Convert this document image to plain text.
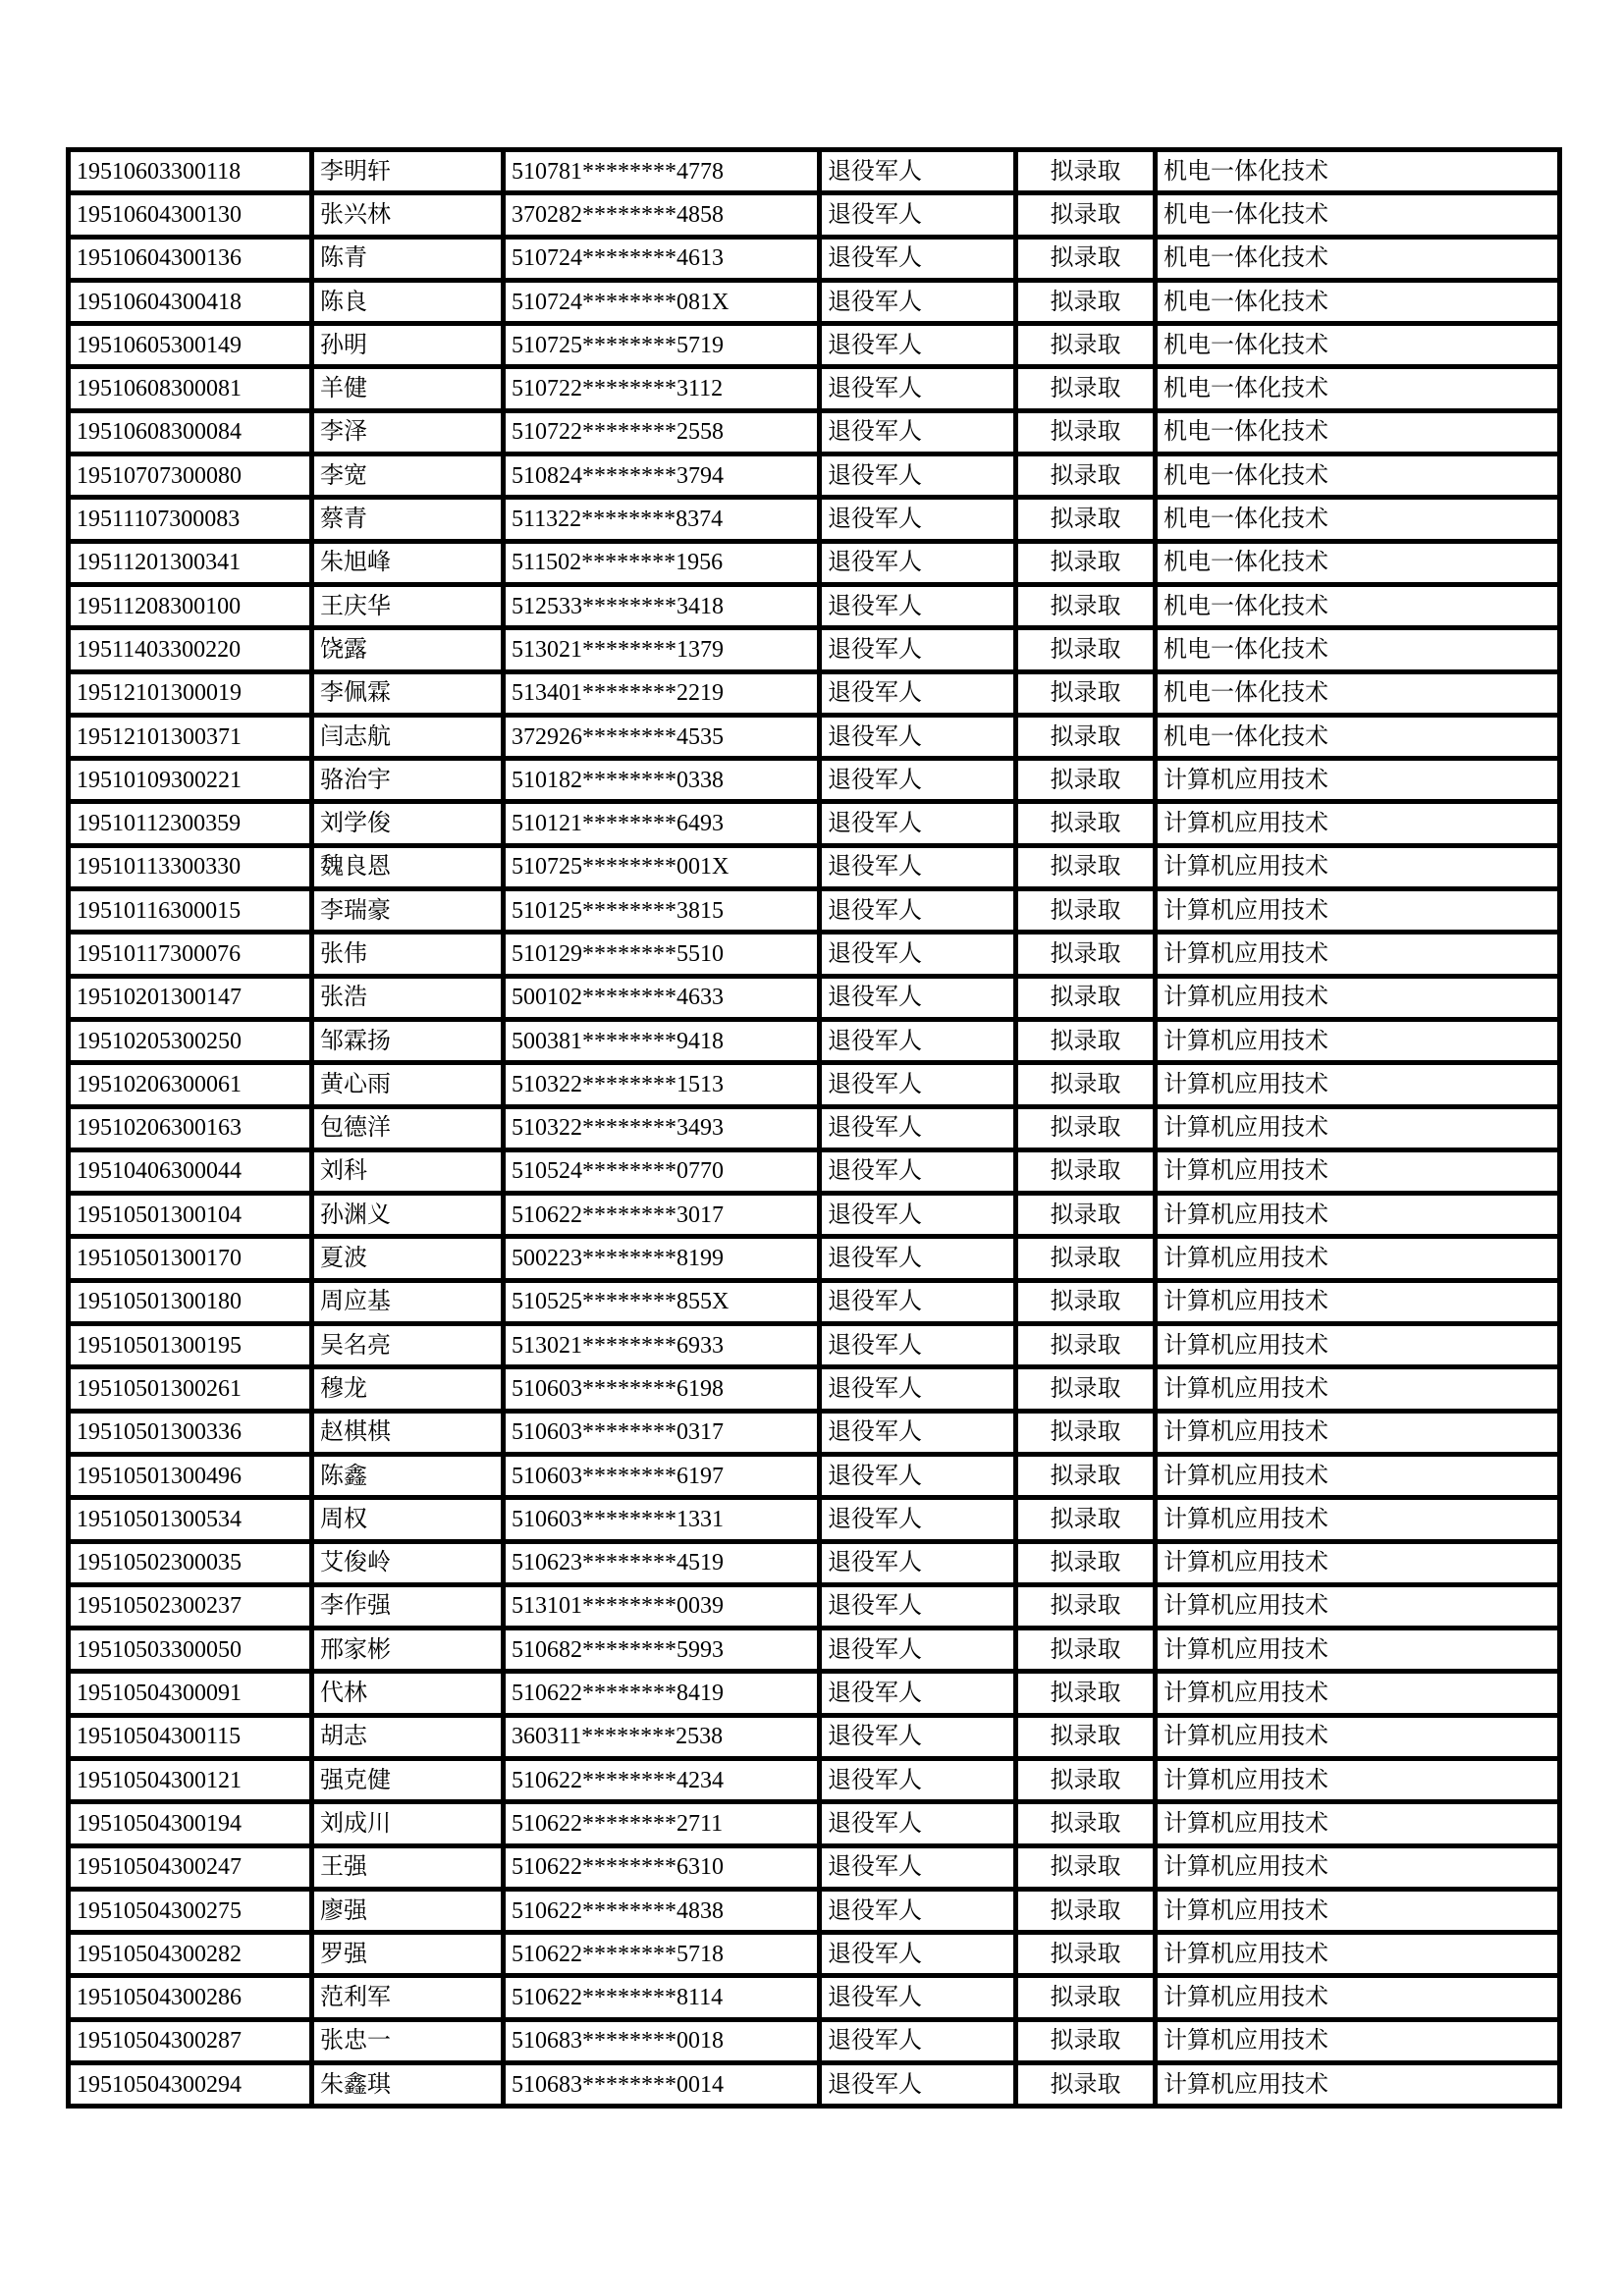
19510603300118	李明轩	510781********4778	退役军人	拟录取	机电一体化技术
19510604300130	张兴林	370282********4858	退役军人	拟录取	机电一体化技术
19510604300136	陈青	510724********4613	退役军人	拟录取	机电一体化技术
19510604300418	陈良	510724********081X	退役军人	拟录取	机电一体化技术
19510605300149	孙明	510725********5719	退役军人	拟录取	机电一体化技术
19510608300081	羊健	510722********3112	退役军人	拟录取	机电一体化技术
19510608300084	李泽	510722********2558	退役军人	拟录取	机电一体化技术
19510707300080	李宽	510824********3794	退役军人	拟录取	机电一体化技术
19511107300083	蔡青	511322********8374	退役军人	拟录取	机电一体化技术
19511201300341	朱旭峰	511502********1956	退役军人	拟录取	机电一体化技术
19511208300100	王庆华	512533********3418	退役军人	拟录取	机电一体化技术
19511403300220	饶露	513021********1379	退役军人	拟录取	机电一体化技术
19512101300019	李佩霖	513401********2219	退役军人	拟录取	机电一体化技术
19512101300371	闫志航	372926********4535	退役军人	拟录取	机电一体化技术
19510109300221	骆治宇	510182********0338	退役军人	拟录取	计算机应用技术
19510112300359	刘学俊	510121********6493	退役军人	拟录取	计算机应用技术
19510113300330	魏良恩	510725********001X	退役军人	拟录取	计算机应用技术
19510116300015	李瑞豪	510125********3815	退役军人	拟录取	计算机应用技术
19510117300076	张伟	510129********5510	退役军人	拟录取	计算机应用技术
19510201300147	张浩	500102********4633	退役军人	拟录取	计算机应用技术
19510205300250	邹霖扬	500381********9418	退役军人	拟录取	计算机应用技术
19510206300061	黄心雨	510322********1513	退役军人	拟录取	计算机应用技术
19510206300163	包德洋	510322********3493	退役军人	拟录取	计算机应用技术
19510406300044	刘科	510524********0770	退役军人	拟录取	计算机应用技术
19510501300104	孙渊义	510622********3017	退役军人	拟录取	计算机应用技术
19510501300170	夏波	500223********8199	退役军人	拟录取	计算机应用技术
19510501300180	周应基	510525********855X	退役军人	拟录取	计算机应用技术
19510501300195	吴名亮	513021********6933	退役军人	拟录取	计算机应用技术
19510501300261	穆龙	510603********6198	退役军人	拟录取	计算机应用技术
19510501300336	赵棋棋	510603********0317	退役军人	拟录取	计算机应用技术
19510501300496	陈鑫	510603********6197	退役军人	拟录取	计算机应用技术
19510501300534	周权	510603********1331	退役军人	拟录取	计算机应用技术
19510502300035	艾俊岭	510623********4519	退役军人	拟录取	计算机应用技术
19510502300237	李作强	513101********0039	退役军人	拟录取	计算机应用技术
19510503300050	邢家彬	510682********5993	退役军人	拟录取	计算机应用技术
19510504300091	代林	510622********8419	退役军人	拟录取	计算机应用技术
19510504300115	胡志	360311********2538	退役军人	拟录取	计算机应用技术
19510504300121	强克健	510622********4234	退役军人	拟录取	计算机应用技术
19510504300194	刘成川	510622********2711	退役军人	拟录取	计算机应用技术
19510504300247	王强	510622********6310	退役军人	拟录取	计算机应用技术
19510504300275	廖强	510622********4838	退役军人	拟录取	计算机应用技术
19510504300282	罗强	510622********5718	退役军人	拟录取	计算机应用技术
19510504300286	范利军	510622********8114	退役军人	拟录取	计算机应用技术
19510504300287	张忠一	510683********0018	退役军人	拟录取	计算机应用技术
19510504300294	朱鑫琪	510683********0014	退役军人	拟录取	计算机应用技术
